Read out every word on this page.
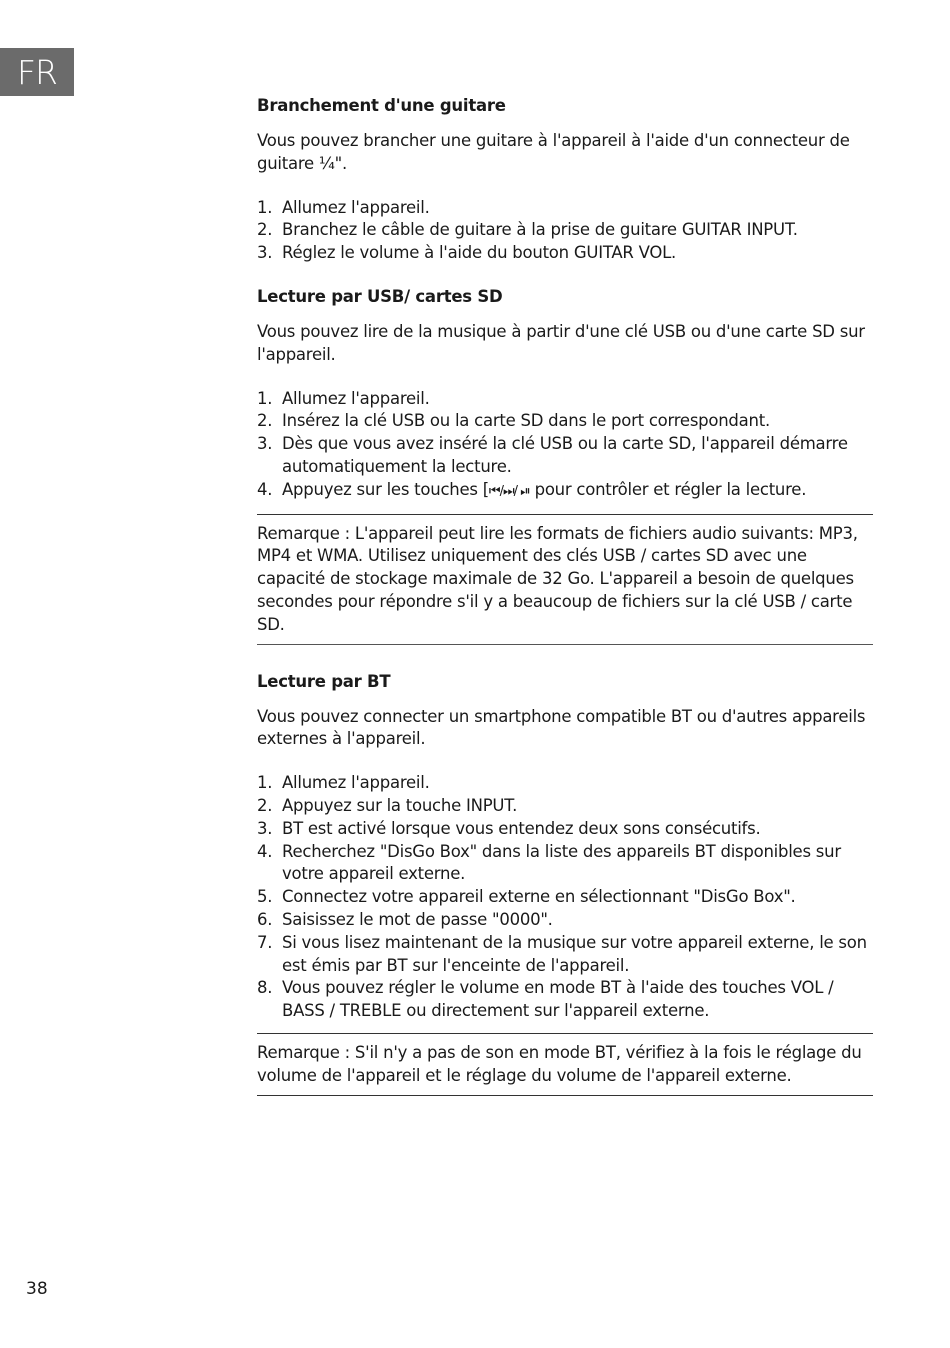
FR
Branchement d'une guitare

Vous pouvez brancher une guitare à l'appareil à l'aide d'un connecteur de guitare ¼".

1. Allumez l'appareil.
2. Branchez le câble de guitare à la prise de guitare GUITAR INPUT.
3. Réglez le volume à l'aide du bouton GUITAR VOL.
Lecture par USB/ cartes SD

Vous pouvez lire de la musique à partir d'une clé USB ou d'une carte SD sur l'appareil.

1. Allumez l'appareil.
2. Insérez la clé USB ou la carte SD dans le port correspondant.
3. Dès que vous avez inséré la clé USB ou la carte SD, l'appareil démarre automatiquement la lecture.
4. Appuyez sur les touches [⏮/⏭/ ⏯ pour contrôler et régler la lecture.
Remarque : L'appareil peut lire les formats de fichiers audio suivants: MP3, MP4 et WMA. Utilisez uniquement des clés USB / cartes SD avec une capacité de stockage maximale de 32 Go. L'appareil a besoin de quelques secondes pour répondre s'il y a beaucoup de fichiers sur la clé USB / carte SD.
Lecture par BT

Vous pouvez connecter un smartphone compatible BT ou d'autres appareils externes à l'appareil.

1. Allumez l'appareil.
2. Appuyez sur la touche INPUT.
3. BT est activé lorsque vous entendez deux sons consécutifs.
4. Recherchez "DisGo Box" dans la liste des appareils BT disponibles sur votre appareil externe.
5. Connectez votre appareil externe en sélectionnant "DisGo Box".
6. Saisissez le mot de passe "0000".
7. Si vous lisez maintenant de la musique sur votre appareil externe, le son est émis par BT sur l'enceinte de l'appareil.
8. Vous pouvez régler le volume en mode BT à l'aide des touches VOL / BASS / TREBLE ou directement sur l'appareil externe.
Remarque : S'il n'y a pas de son en mode BT, vérifiez à la fois le réglage du volume de l'appareil et le réglage du volume de l'appareil externe.
38
